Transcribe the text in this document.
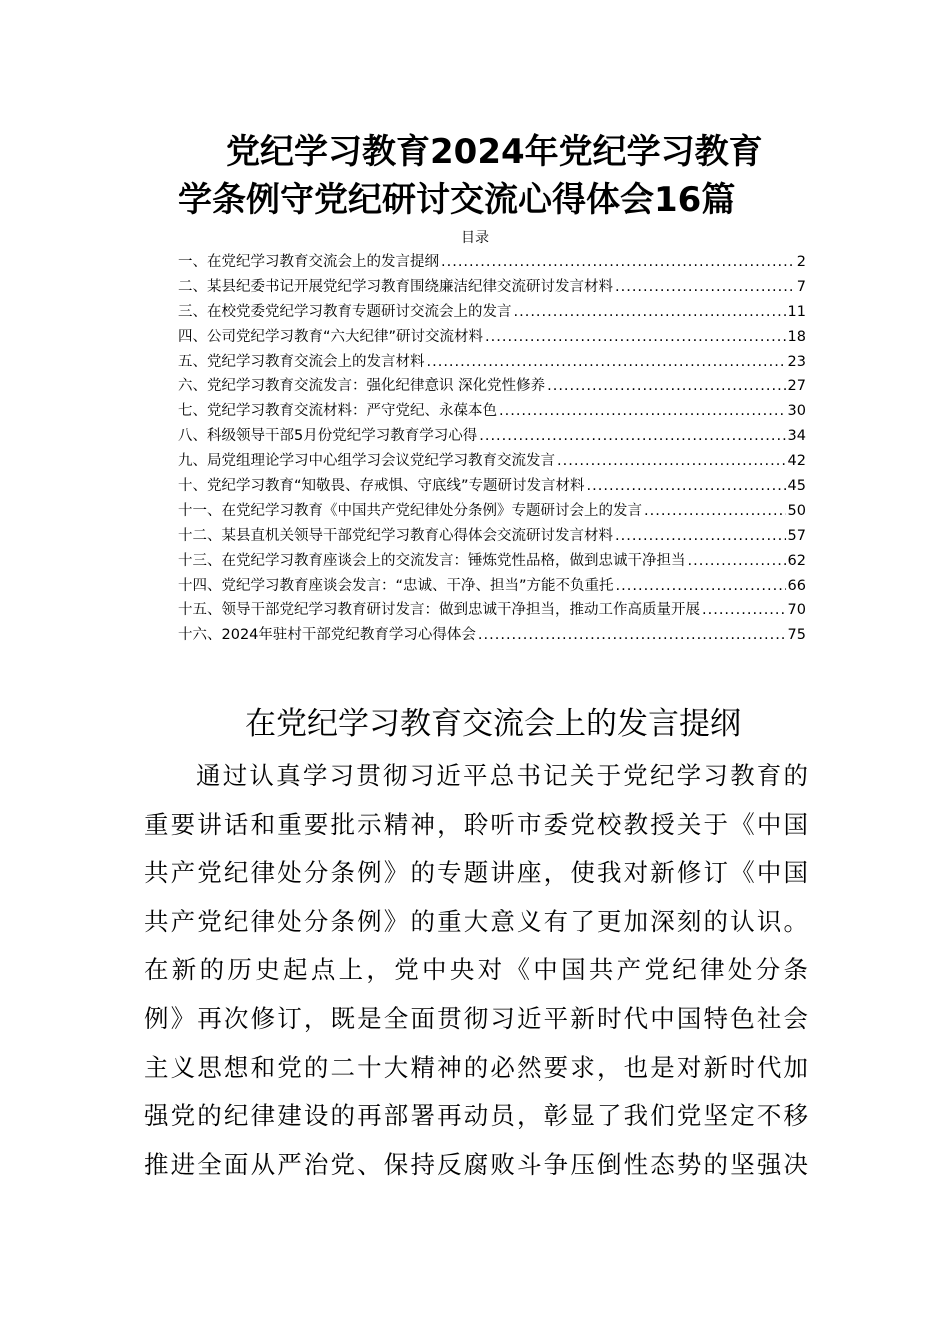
党纪学习教育2024年党纪学习教育
学条例守党纪研讨交流心得体会16篇
目录
一、在党纪学习教育交流会上的发言提纲 .....	2
二、某县纪委书记开展党纪学习教育围绕廉洁纪律交流研讨发言材料 .....	7
三、在校党委党纪学习教育专题研讨交流会上的发言 .....	11
四、公司党纪学习教育“六大纪律”研讨交流材料 .....	18
五、党纪学习教育交流会上的发言材料 .....	23
六、党纪学习教育交流发言：强化纪律意识 深化党性修养 .....	27
七、党纪学习教育交流材料：严守党纪、永葆本色 .....	30
八、科级领导干部5月份党纪学习教育学习心得 .....	34
九、局党组理论学习中心组学习会议党纪学习教育交流发言 .....	42
十、党纪学习教育“知敬畏、存戒惧、守底线”专题研讨发言材料 .....	45
十一、在党纪学习教育《中国共产党纪律处分条例》专题研讨会上的发言 .....	50
十二、某县直机关领导干部党纪学习教育心得体会交流研讨发言材料 .....	57
十三、在党纪学习教育座谈会上的交流发言：锤炼党性品格，做到忠诚干净担当 .....	62
十四、党纪学习教育座谈会发言：“忠诚、干净、担当”方能不负重托 .....	66
十五、领导干部党纪学习教育研讨发言：做到忠诚干净担当，推动工作高质量开展 .....	70
十六、2024年驻村干部党纪教育学习心得体会 .....	75
在党纪学习教育交流会上的发言提纲
通过认真学习贯彻习近平总书记关于党纪学习教育的
重要讲话和重要批示精神，聆听市委党校教授关于《中国
共产党纪律处分条例》的专题讲座，使我对新修订《中国
共产党纪律处分条例》的重大意义有了更加深刻的认识。
在新的历史起点上，党中央对《中国共产党纪律处分条
例》再次修订，既是全面贯彻习近平新时代中国特色社会
主义思想和党的二十大精神的必然要求，也是对新时代加
强党的纪律建设的再部署再动员，彰显了我们党坚定不移
推进全面从严治党、保持反腐败斗争压倒性态势的坚强决
